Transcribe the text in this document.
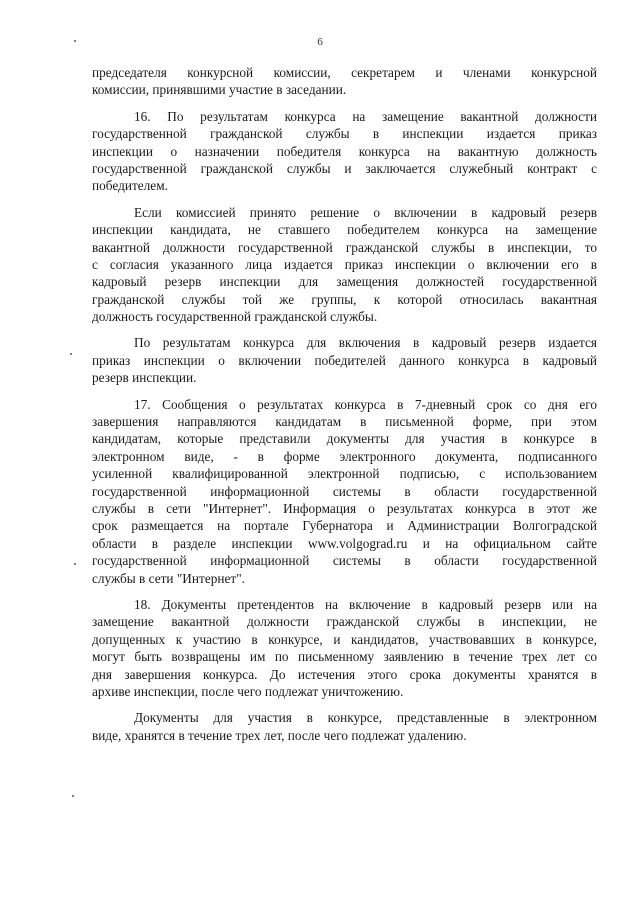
6
председателя конкурсной комиссии, секретарем и членами конкурсной
комиссии, принявшими участие в заседании.
16. По результатам конкурса на замещение вакантной должности
государственной гражданской службы в инспекции издается приказ
инспекции о назначении победителя конкурса на вакантную должность
государственной гражданской службы и заключается служебный контракт с
победителем.
Если комиссией принято решение о включении в кадровый резерв
инспекции кандидата, не ставшего победителем конкурса на замещение
вакантной должности государственной гражданской службы в инспекции, то
с согласия указанного лица издается приказ инспекции о включении его в
кадровый резерв инспекции для замещения должностей государственной
гражданской службы той же группы, к которой относилась вакантная
должность государственной гражданской службы.
По результатам конкурса для включения в кадровый резерв издается
приказ инспекции о включении победителей данного конкурса в кадровый
резерв инспекции.
17. Сообщения о результатах конкурса в 7-дневный срок со дня его
завершения направляются кандидатам в письменной форме, при этом
кандидатам, которые представили документы для участия в конкурсе в
электронном виде, - в форме электронного документа, подписанного
усиленной квалифицированной электронной подписью, с использованием
государственной информационной системы в области государственной
службы в сети "Интернет". Информация о результатах конкурса в этот же
срок размещается на портале Губернатора и Администрации Волгоградской
области в разделе инспекции www.volgograd.ru и на официальном сайте
государственной информационной системы в области государственной
службы в сети "Интернет".
18. Документы претендентов на включение в кадровый резерв или на
замещение вакантной должности гражданской службы в инспекции, не
допущенных к участию в конкурсе, и кандидатов, участвовавших в конкурсе,
могут быть возвращены им по письменному заявлению в течение трех лет со
дня завершения конкурса. До истечения этого срока документы хранятся в
архиве инспекции, после чего подлежат уничтожению.
Документы для участия в конкурсе, представленные в электронном
виде, хранятся в течение трех лет, после чего подлежат удалению.
